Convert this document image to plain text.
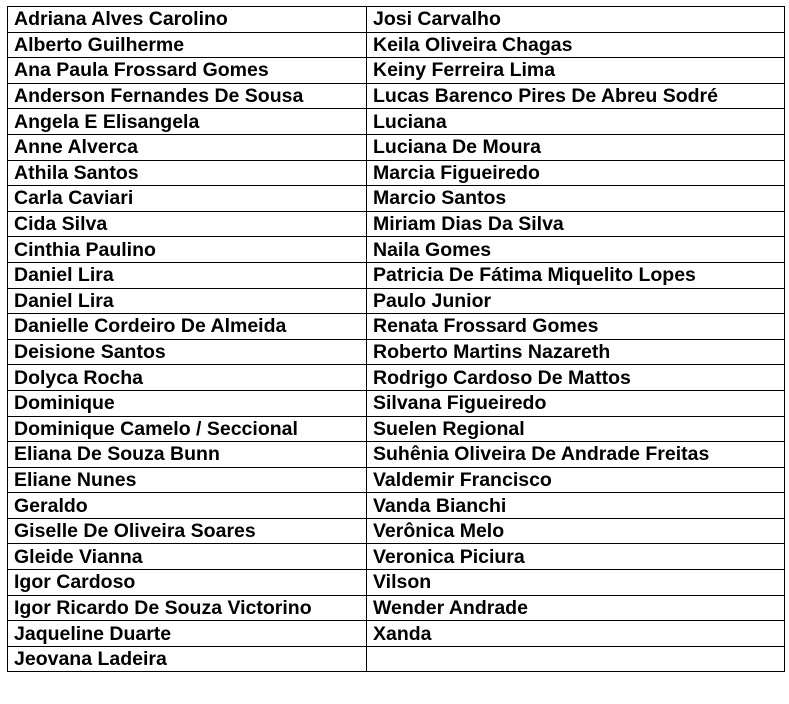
Adriana Alves Carolino	Josi Carvalho
Alberto Guilherme	Keila Oliveira Chagas
Ana Paula Frossard Gomes	Keiny Ferreira Lima
Anderson Fernandes De Sousa	Lucas Barenco Pires De Abreu Sodré
Angela E Elisangela	Luciana
Anne Alverca	Luciana De Moura
Athila Santos	Marcia Figueiredo
Carla Caviari	Marcio Santos
Cida Silva	Miriam Dias Da Silva
Cinthia Paulino	Naila Gomes
Daniel Lira	Patricia De Fátima Miquelito Lopes
Daniel Lira	Paulo Junior
Danielle Cordeiro De Almeida	Renata Frossard Gomes
Deisione Santos	Roberto Martins Nazareth
Dolyca Rocha	Rodrigo Cardoso De Mattos
Dominique	Silvana Figueiredo
Dominique Camelo / Seccional	Suelen Regional
Eliana De Souza Bunn	Suhênia Oliveira De Andrade Freitas
Eliane Nunes	Valdemir Francisco
Geraldo	Vanda Bianchi
Giselle De Oliveira Soares	Verônica Melo
Gleide Vianna	Veronica Piciura
Igor Cardoso	Vilson
Igor Ricardo De Souza Victorino	Wender Andrade
Jaqueline Duarte	Xanda
Jeovana Ladeira	
